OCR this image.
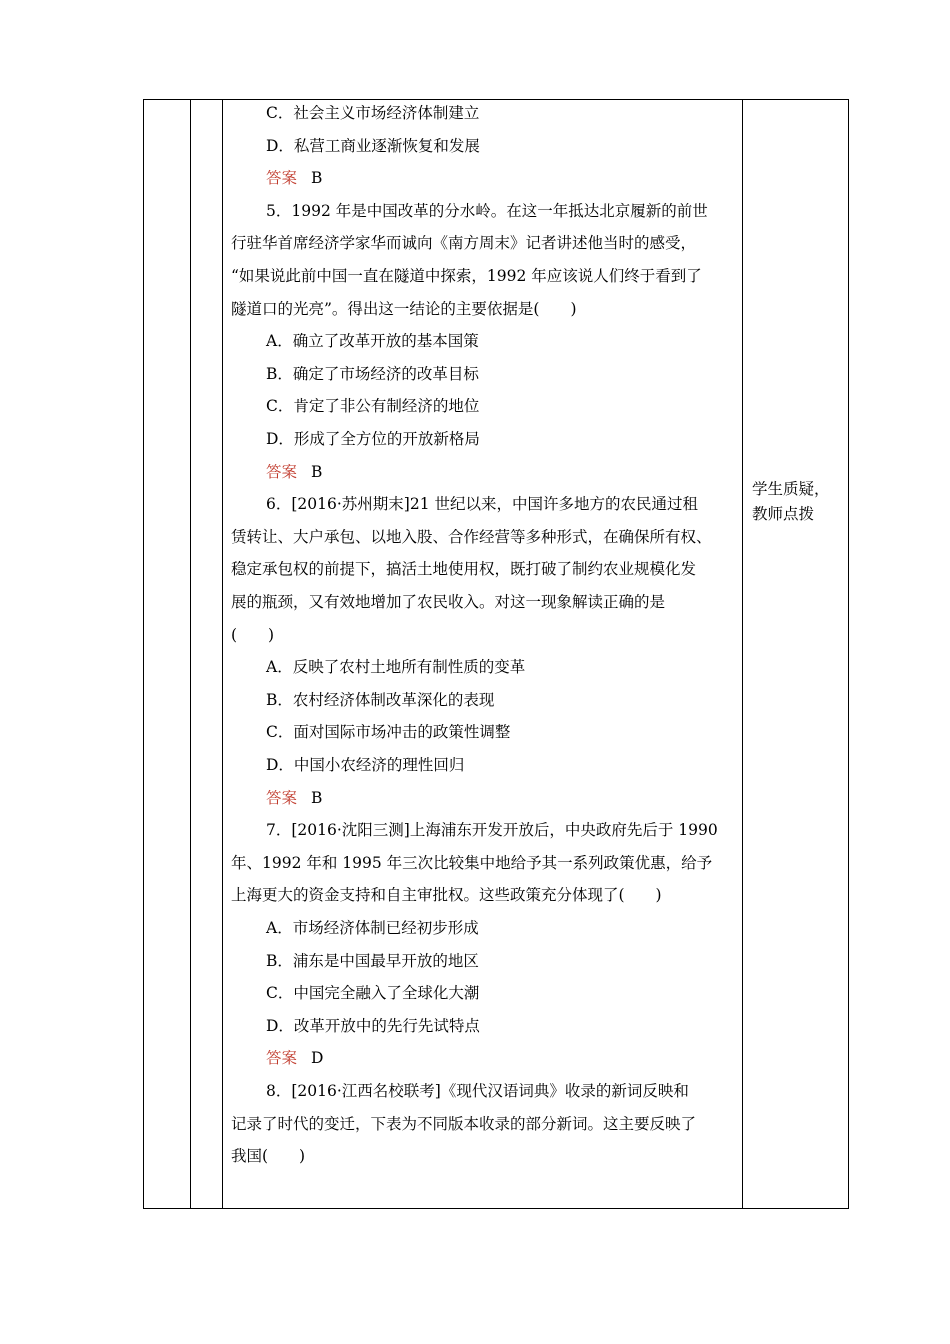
C．社会主义市场经济体制建立
D．私营工商业逐渐恢复和发展
答案 B
5．1992 年是中国改革的分水岭。在这一年抵达北京履新的前世
行驻华首席经济学家华而诚向《南方周末》记者讲述他当时的感受，
“如果说此前中国一直在隧道中探索，1992 年应该说人们终于看到了
隧道口的光亮”。得出这一结论的主要依据是(　　)
A．确立了改革开放的基本国策
B．确定了市场经济的改革目标
C．肯定了非公有制经济的地位
D．形成了全方位的开放新格局
答案 B
6．[2016·苏州期末]21 世纪以来，中国许多地方的农民通过租
赁转让、大户承包、以地入股、合作经营等多种形式，在确保所有权、
稳定承包权的前提下，搞活土地使用权，既打破了制约农业规模化发
展的瓶颈，又有效地增加了农民收入。对这一现象解读正确的是
(　　)
A．反映了农村土地所有制性质的变革
B．农村经济体制改革深化的表现
C．面对国际市场冲击的政策性调整
D．中国小农经济的理性回归
答案 B
7．[2016·沈阳三测]上海浦东开发开放后，中央政府先后于 1990
年、1992 年和 1995 年三次比较集中地给予其一系列政策优惠，给予
上海更大的资金支持和自主审批权。这些政策充分体现了(　　)
A．市场经济体制已经初步形成
B．浦东是中国最早开放的地区
C．中国完全融入了全球化大潮
D．改革开放中的先行先试特点
答案 D
8．[2016·江西名校联考]《现代汉语词典》收录的新词反映和
记录了时代的变迁，下表为不同版本收录的部分新词。这主要反映了
我国(　　)
学生质疑，
教师点拨
